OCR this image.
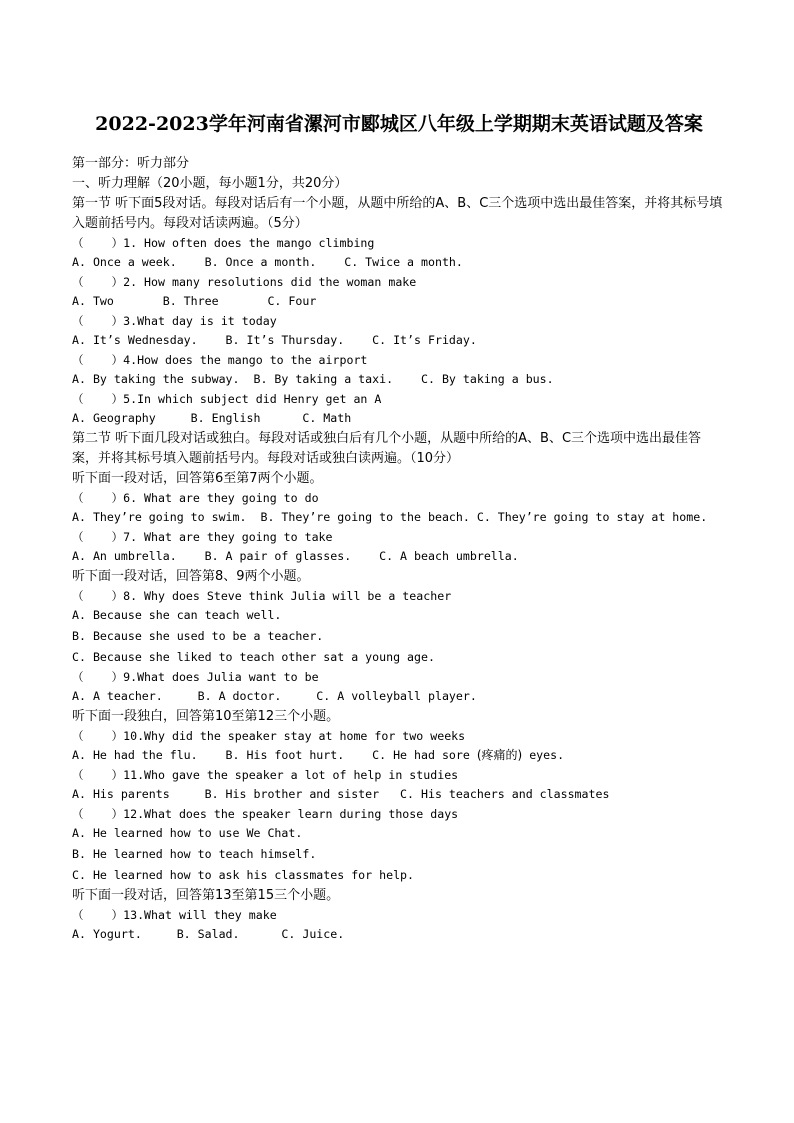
2022-2023学年河南省漯河市郾城区八年级上学期期末英语试题及答案
第一部分：听力部分
一、听力理解（20小题，每小题1分，共20分）
第一节 听下面5段对话。每段对话后有一个小题，从题中所给的A、B、C三个选项中选出最佳答案，并将其标号填入题前括号内。每段对话读两遍。（5分）
（    ）1. How often does the mango climbing
A. Once a week.    B. Once a month.    C. Twice a month.
（    ）2. How many resolutions did the woman make
A. Two       B. Three       C. Four
（    ）3.What day is it today
A. It’s Wednesday.    B. It’s Thursday.    C. It’s Friday.
（    ）4.How does the mango to the airport
A. By taking the subway.  B. By taking a taxi.    C. By taking a bus.
（    ）5.In which subject did Henry get an A
A. Geography     B. English      C. Math
第二节 听下面几段对话或独白。每段对话或独白后有几个小题，从题中所给的A、B、C三个选项中选出最佳答案，并将其标号填入题前括号内。每段对话或独白读两遍。（10分）
听下面一段对话，回答第6至第7两个小题。
（    ）6. What are they going to do
A. They’re going to swim.  B. They’re going to the beach. C. They’re going to stay at home.
（    ）7. What are they going to take
A. An umbrella.    B. A pair of glasses.    C. A beach umbrella.
听下面一段对话，回答第8、9两个小题。
（    ）8. Why does Steve think Julia will be a teacher
A. Because she can teach well.
B. Because she used to be a teacher.
C. Because she liked to teach other sat a young age.
（    ）9.What does Julia want to be
A. A teacher.     B. A doctor.     C. A volleyball player.
听下面一段独白，回答第10至第12三个小题。
（    ）10.Why did the speaker stay at home for two weeks
A. He had the flu.    B. His foot hurt.    C. He had sore (疼痛的) eyes.
（    ）11.Who gave the speaker a lot of help in studies
A. His parents     B. His brother and sister   C. His teachers and classmates
（    ）12.What does the speaker learn during those days
A. He learned how to use We Chat.
B. He learned how to teach himself.
C. He learned how to ask his classmates for help.
听下面一段对话，回答第13至第15三个小题。
（    ）13.What will they make
A. Yogurt.     B. Salad.      C. Juice.
